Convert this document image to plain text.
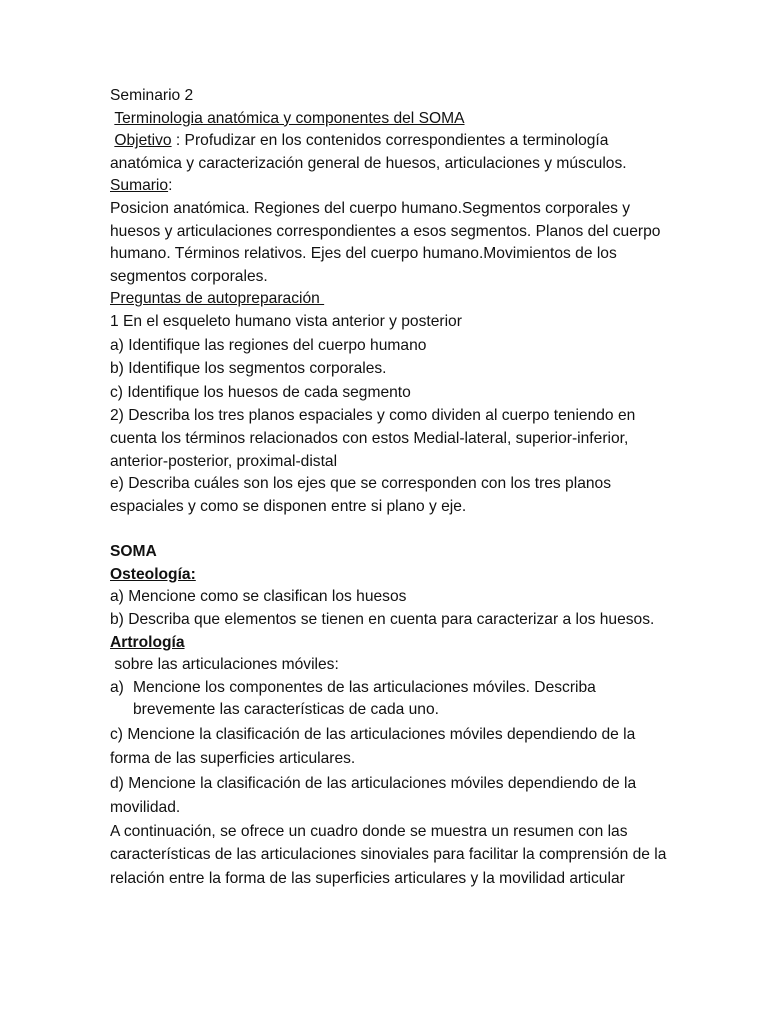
Seminario 2

Terminologia anatómica y componentes del SOMA

Objetivo : Profudizar en los contenidos correspondientes a terminología anatómica y caracterización general de huesos, articulaciones y músculos.

Sumario:

Posicion anatómica. Regiones del cuerpo humano.Segmentos corporales y huesos y articulaciones correspondientes a esos segmentos. Planos del cuerpo humano. Términos relativos. Ejes del cuerpo humano.Movimientos de los segmentos corporales.

Preguntas de autopreparación

1 En el esqueleto humano vista anterior y posterior

a) Identifique las regiones del cuerpo humano

b) Identifique los segmentos corporales.

c) Identifique los huesos de cada segmento

2) Describa los tres planos espaciales y como dividen al cuerpo teniendo en cuenta los términos relacionados con estos Medial-lateral, superior-inferior, anterior-posterior, proximal-distal

e) Describa cuáles son los ejes que se corresponden con los tres planos espaciales y como se disponen entre si plano y eje.

SOMA

Osteología:

a) Mencione como se clasifican los huesos

b) Describa que elementos se tienen en cuenta para caracterizar a los huesos.

Artrología

sobre las articulaciones móviles:

a) Mencione los componentes de las articulaciones móviles. Describa brevemente las características de cada uno.

c) Mencione la clasificación de las articulaciones móviles dependiendo de la forma de las superficies articulares.

d) Mencione la clasificación de las articulaciones móviles dependiendo de la movilidad.

A continuación, se ofrece un cuadro donde se muestra un resumen con las características de las articulaciones sinoviales para facilitar la comprensión de la relación entre la forma de las superficies articulares y la movilidad articular
